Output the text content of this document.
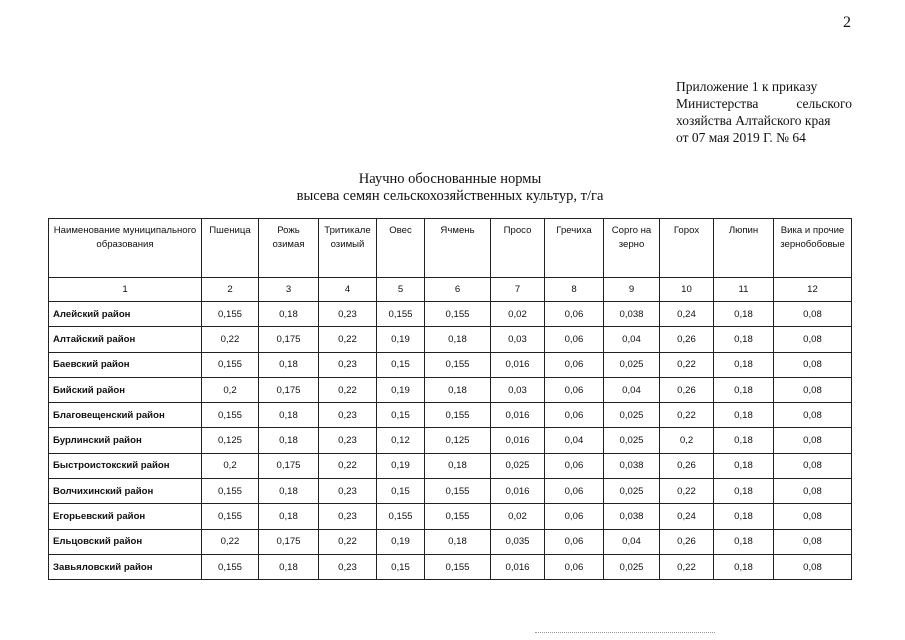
2
Приложение 1 к приказу
Министерства	сельского
хозяйства Алтайского края
от 07 мая 2019 Г. № 64
Научно обоснованные нормы
высева семян сельскохозяйственных культур, т/га
Наименование муниципального образования	Пшеница	Рожь озимая	Тритикале озимый	Овес	Ячмень	Просо	Гречиха	Сорго на зерно	Горох	Люпин	Вика и прочие зернобобовые
1	2	3	4	5	6	7	8	9	10	11	12
Алейский район	0,155	0,18	0,23	0,155	0,155	0,02	0,06	0,038	0,24	0,18	0,08
Алтайский район	0,22	0,175	0,22	0,19	0,18	0,03	0,06	0,04	0,26	0,18	0,08
Баевский район	0,155	0,18	0,23	0,15	0,155	0,016	0,06	0,025	0,22	0,18	0,08
Бийский район	0,2	0,175	0,22	0,19	0,18	0,03	0,06	0,04	0,26	0,18	0,08
Благовещенский район	0,155	0,18	0,23	0,15	0,155	0,016	0,06	0,025	0,22	0,18	0,08
Бурлинский район	0,125	0,18	0,23	0,12	0,125	0,016	0,04	0,025	0,2	0,18	0,08
Быстроистокский район	0,2	0,175	0,22	0,19	0,18	0,025	0,06	0,038	0,26	0,18	0,08
Волчихинский район	0,155	0,18	0,23	0,15	0,155	0,016	0,06	0,025	0,22	0,18	0,08
Егорьевский район	0,155	0,18	0,23	0,155	0,155	0,02	0,06	0,038	0,24	0,18	0,08
Ельцовский район	0,22	0,175	0,22	0,19	0,18	0,035	0,06	0,04	0,26	0,18	0,08
Завьяловский район	0,155	0,18	0,23	0,15	0,155	0,016	0,06	0,025	0,22	0,18	0,08
